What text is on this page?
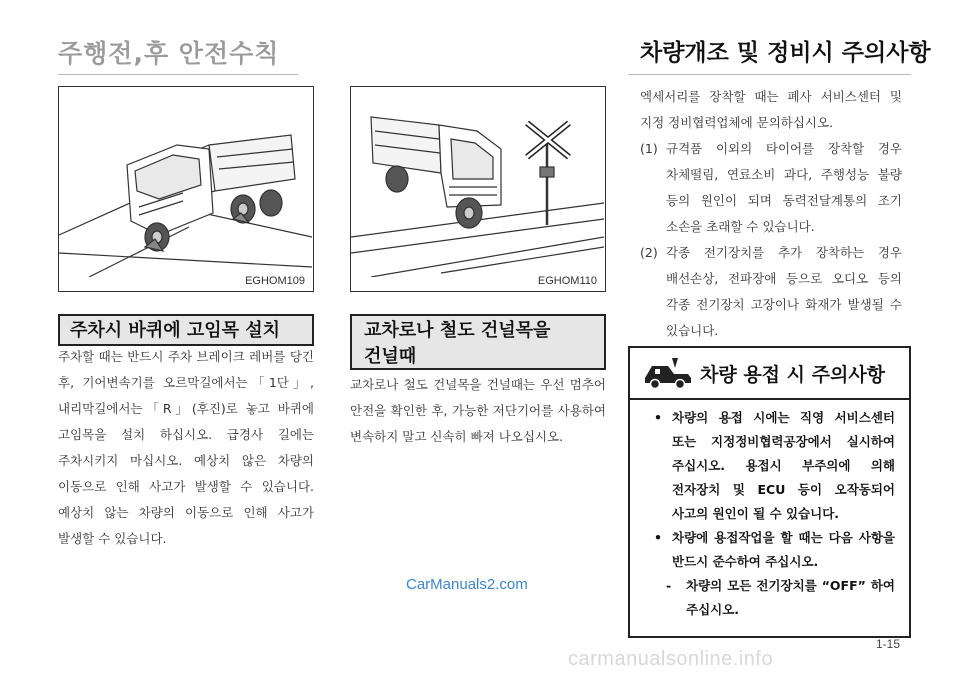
주행전,후 안전수칙	차량개조 및 정비시 주의사항
EGHOM109	EGHOM110
주차시 바퀴에 고임목 설치
주차할 때는 반드시 주차 브레이크 레버를 당긴 후, 기어변속기를 오르막길에서는「1단」, 내리막길에서는「R」(후진)로 놓고 바퀴에 고임목을 설치 하십시오. 급경사 길에는 주차시키지 마십시오. 예상치 않은 차량의 이동으로 인해 사고가 발생할 수 있습니다. 예상치 않는 차량의 이동으로 인해 사고가 발생할 수 있습니다.
교차로나 철도 건널목을
건널때
교차로나 철도 건널목을 건널때는 우선 멈추어 안전을 확인한 후, 가능한 저단기어를 사용하여 변속하지 말고 신속히 빠져 나오십시오.
엑세서리를 장착할 때는 폐사 서비스센터 및 지정 정비협력업체에 문의하십시오.
(1) 규격품 이외의 타이어를 장착할 경우 차체떨림, 연료소비 과다, 주행성능 불량 등의 원인이 되며 동력전달계통의 조기 소손을 초래할 수 있습니다.
(2) 각종 전기장치를 추가 장착하는 경우 배선손상, 전파장애 등으로 오디오 등의 각종 전기장치 고장이나 화재가 발생될 수 있습니다.
차량 용접 시 주의사항
• 차량의 용접 시에는 직영 서비스센터 또는 지정정비협력공장에서 실시하여 주십시오. 용접시 부주의에 의해 전자장치 및 ECU 등이 오작동되어 사고의 원인이 될 수 있습니다.
• 차량에 용접작업을 할 때는 다음 사항을 반드시 준수하여 주십시오.
- 차량의 모든 전기장치를 “OFF” 하여 주십시오.
1-15
CarManuals2.com
carmanualsonline.info
